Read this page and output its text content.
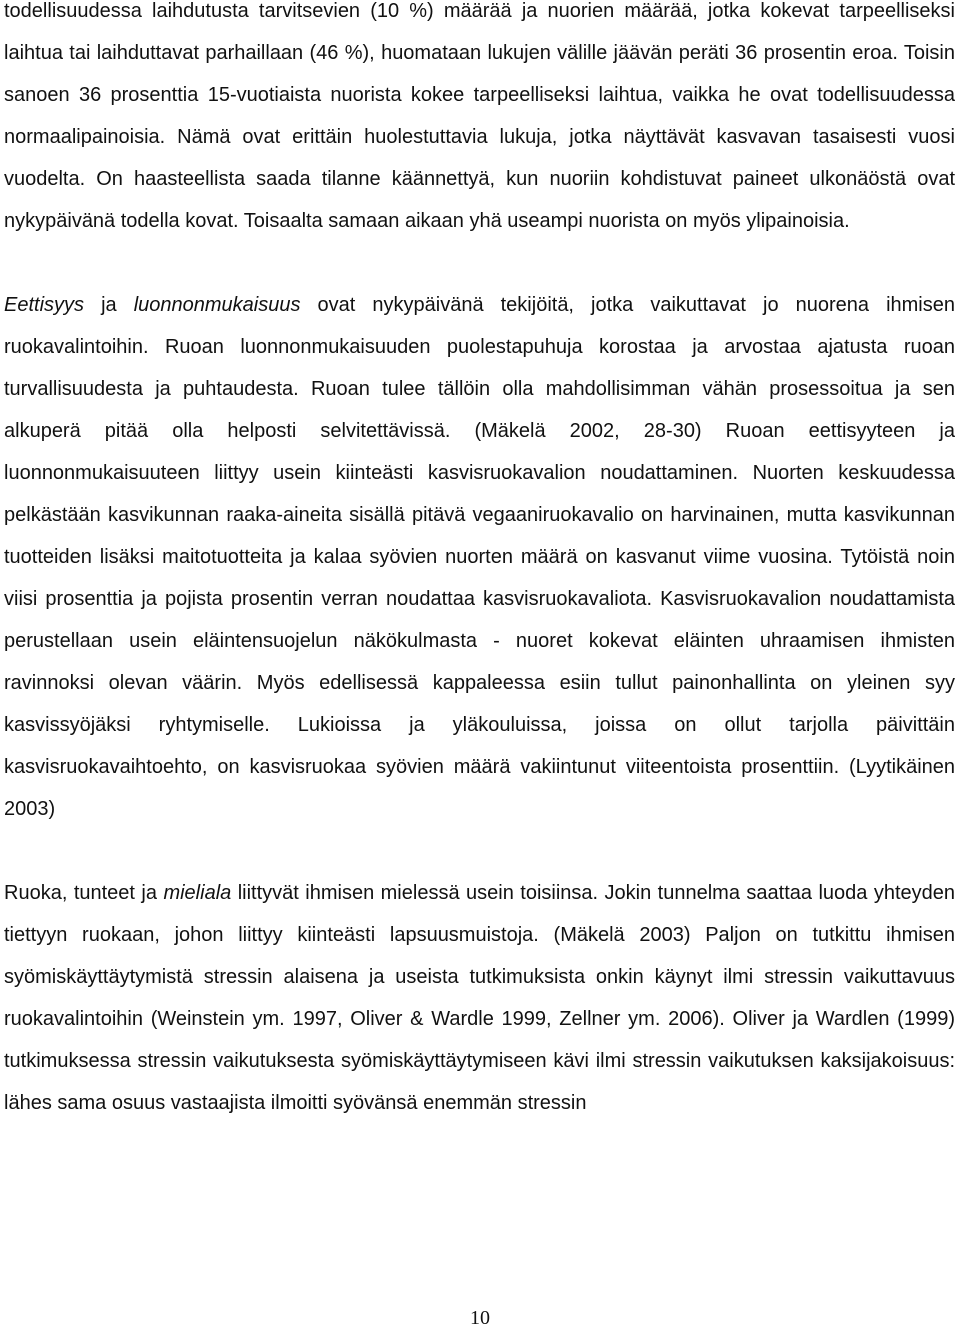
todellisuudessa laihdutusta tarvitsevien (10 %) määrää ja nuorien määrää, jotka kokevat tarpeelliseksi laihtua tai laihduttavat parhaillaan (46 %), huomataan lukujen välille jäävän peräti 36 prosentin eroa. Toisin sanoen 36 prosenttia 15-vuotiaista nuorista kokee tarpeelliseksi laihtua, vaikka he ovat todellisuudessa normaalipainoisia. Nämä ovat erittäin huolestuttavia lukuja, jotka näyttävät kasvavan tasaisesti vuosi vuodelta. On haasteellista saada tilanne käännettyä, kun nuoriin kohdistuvat paineet ulkonäöstä ovat nykypäivänä todella kovat. Toisaalta samaan aikaan yhä useampi nuorista on myös ylipainoisia.

Eettisyys ja luonnonmukaisuus ovat nykypäivänä tekijöitä, jotka vaikuttavat jo nuorena ihmisen ruokavalintoihin. Ruoan luonnonmukaisuuden puolestapuhuja korostaa ja arvostaa ajatusta ruoan turvallisuudesta ja puhtaudesta. Ruoan tulee tällöin olla mahdollisimman vähän prosessoitua ja sen alkuperä pitää olla helposti selvitettävissä. (Mäkelä 2002, 28-30) Ruoan eettisyyteen ja luonnonmukaisuuteen liittyy usein kiinteästi kasvisruokavalion noudattaminen. Nuorten keskuudessa pelkästään kasvikunnan raaka-aineita sisällä pitävä vegaaniruokavalio on harvinainen, mutta kasvikunnan tuotteiden lisäksi maitotuotteita ja kalaa syövien nuorten määrä on kasvanut viime vuosina. Tytöistä noin viisi prosenttia ja pojista prosentin verran noudattaa kasvisruokavaliota. Kasvisruokavalion noudattamista perustellaan usein eläintensuojelun näkökulmasta - nuoret kokevat eläinten uhraamisen ihmisten ravinnoksi olevan väärin. Myös edellisessä kappaleessa esiin tullut painonhallinta on yleinen syy kasvissyöjäksi ryhtymiselle. Lukioissa ja yläkouluissa, joissa on ollut tarjolla päivittäin kasvisruokavaihtoehto, on kasvisruokaa syövien määrä vakiintunut viiteentoista prosenttiin. (Lyytikäinen 2003)

Ruoka, tunteet ja mieliala liittyvät ihmisen mielessä usein toisiinsa. Jokin tunnelma saattaa luoda yhteyden tiettyyn ruokaan, johon liittyy kiinteästi lapsuusmuistoja. (Mäkelä 2003) Paljon on tutkittu ihmisen syömiskäyttäytymistä stressin alaisena ja useista tutkimuksista onkin käynyt ilmi stressin vaikuttavuus ruokavalintoihin (Weinstein ym. 1997, Oliver & Wardle 1999, Zellner ym. 2006). Oliver ja Wardlen (1999) tutkimuksessa stressin vaikutuksesta syömiskäyttäytymiseen kävi ilmi stressin vaikutuksen kaksijakoisuus: lähes sama osuus vastaajista ilmoitti syövänsä enemmän stressin

10
